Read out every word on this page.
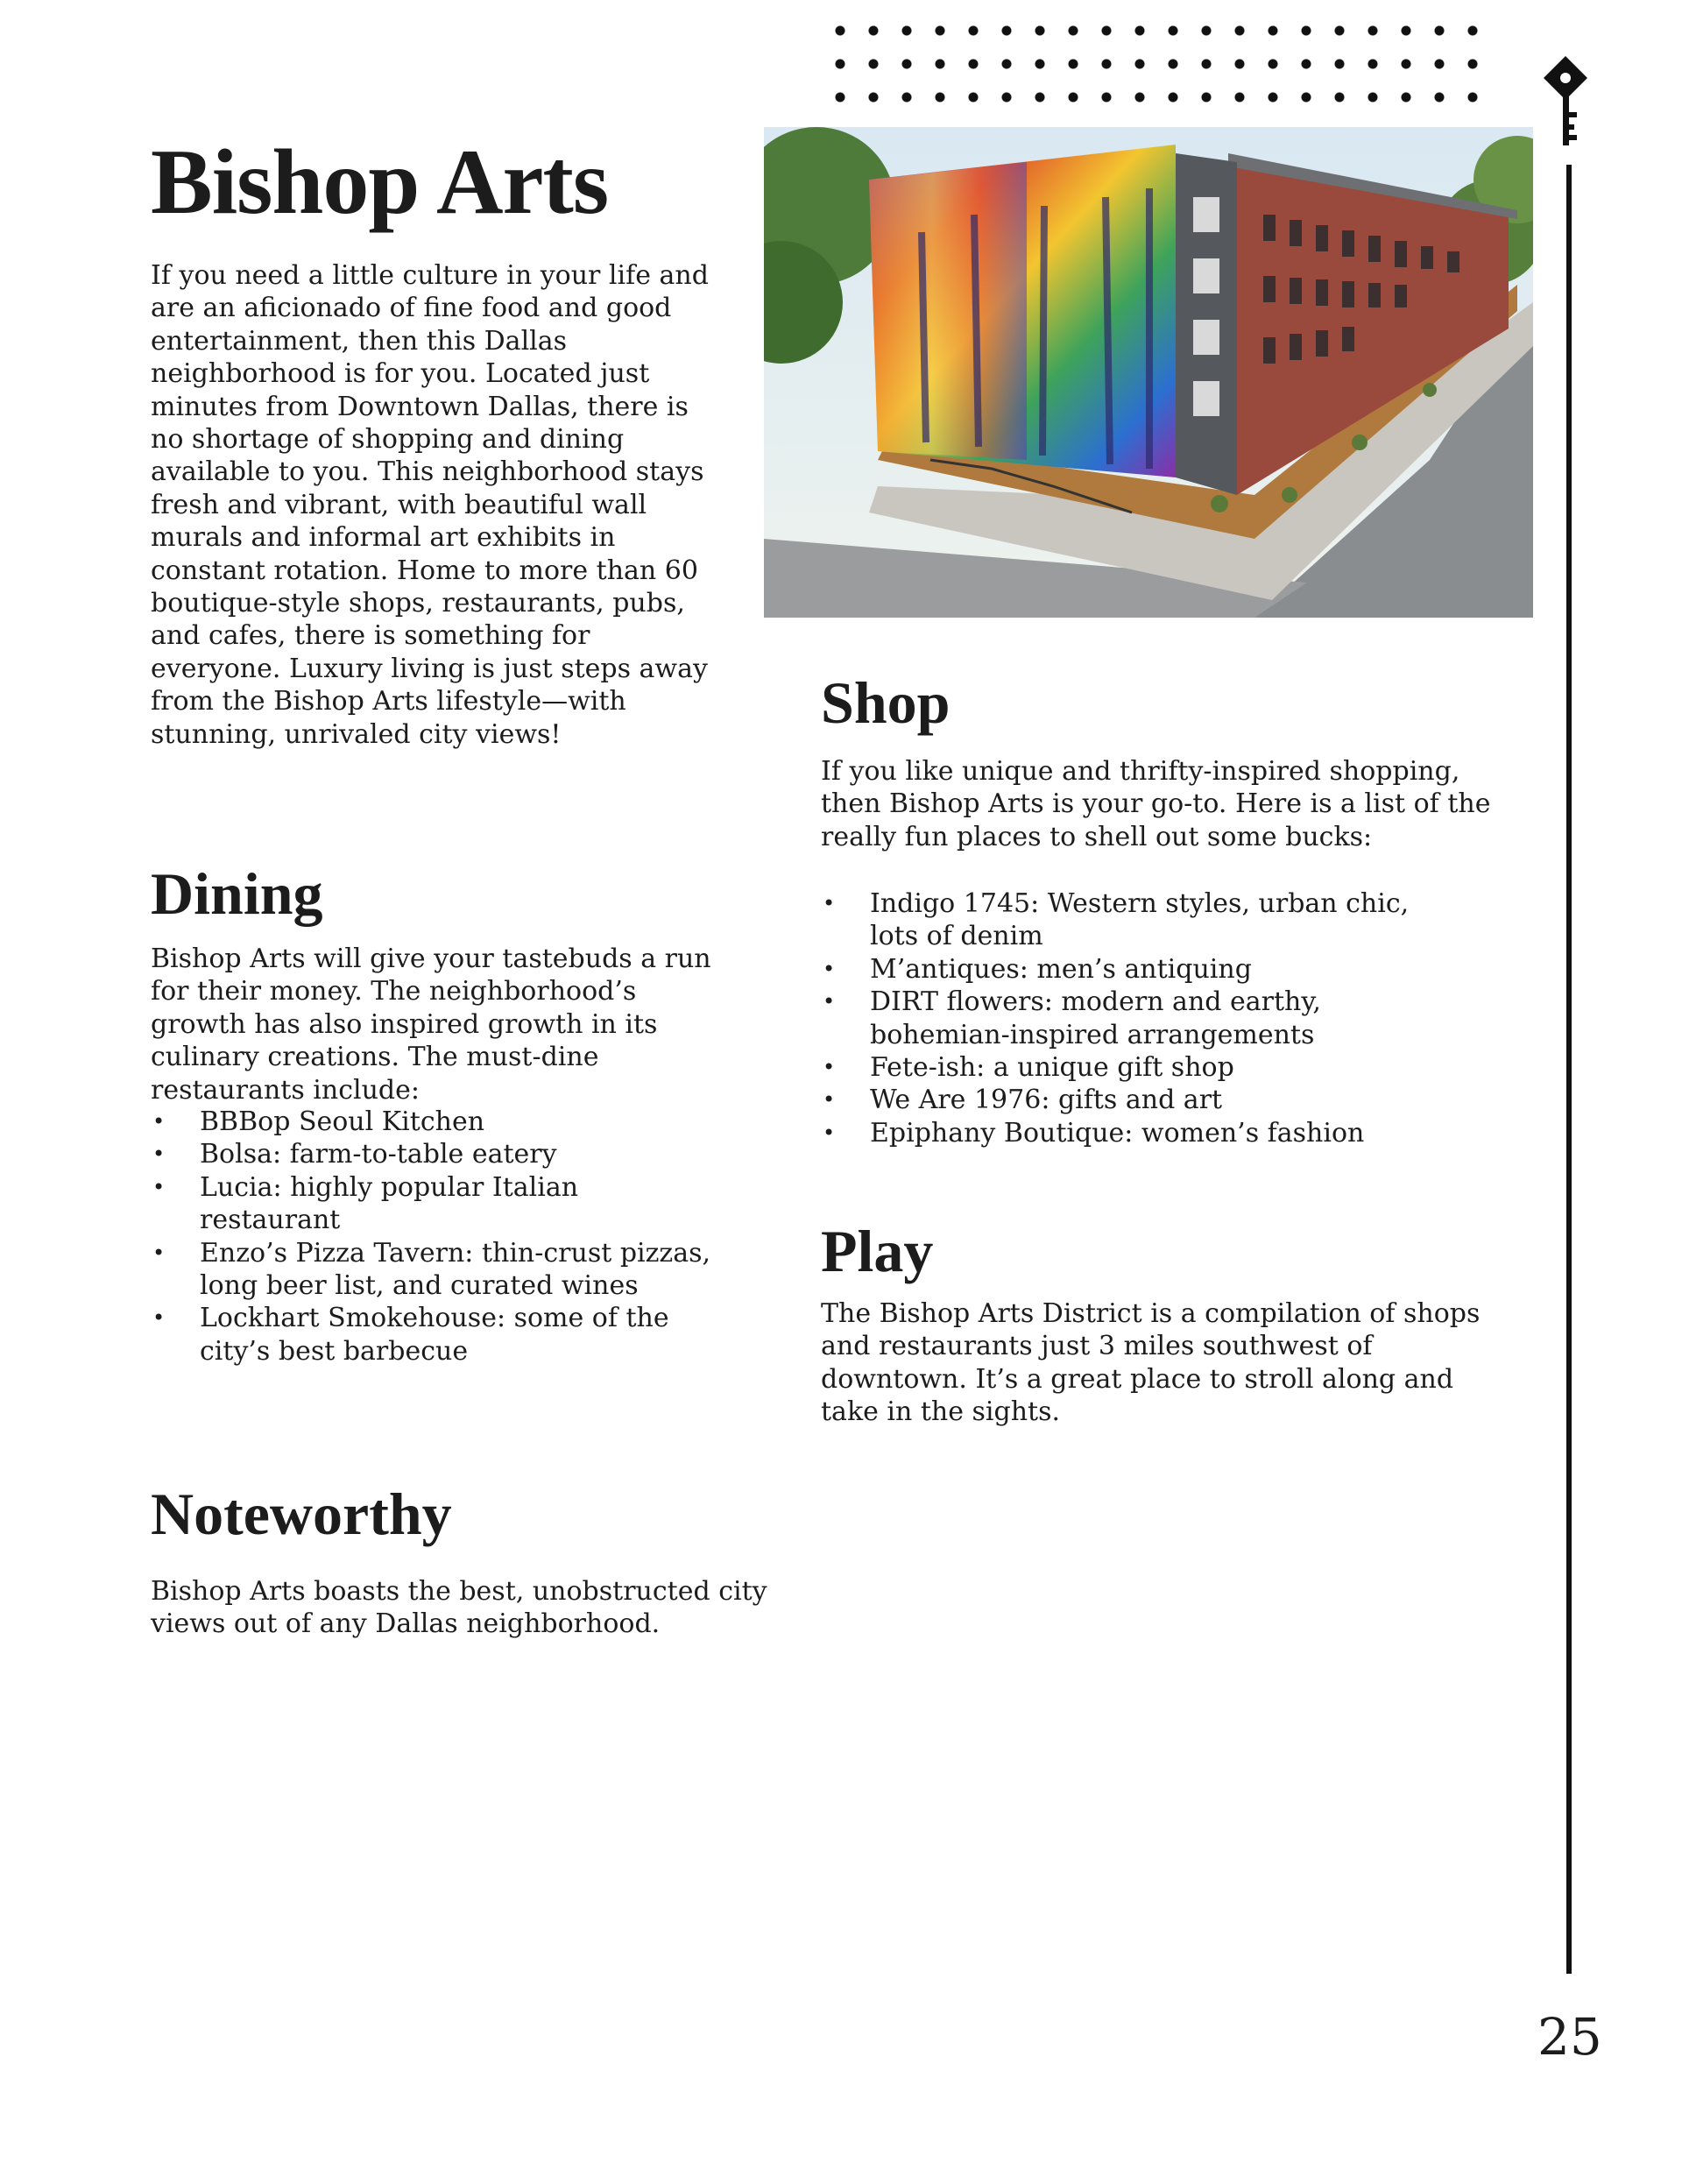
Bishop Arts

If you need a little culture in your life and are an aficionado of fine food and good entertainment, then this Dallas neighborhood is for you. Located just minutes from Downtown Dallas, there is no shortage of shopping and dining available to you. This neighborhood stays fresh and vibrant, with beautiful wall murals and informal art exhibits in constant rotation. Home to more than 60 boutique-style shops, restaurants, pubs, and cafes, there is something for everyone. Luxury living is just steps away from the Bishop Arts lifestyle—with stunning, unrivaled city views!

Dining

Bishop Arts will give your tastebuds a run for their money. The neighborhood’s growth has also inspired growth in its culinary creations. The must-dine restaurants include:

• BBBop Seoul Kitchen
• Bolsa: farm-to-table eatery
• Lucia: highly popular Italian restaurant
• Enzo’s Pizza Tavern: thin-crust pizzas, long beer list, and curated wines
• Lockhart Smokehouse: some of the city’s best barbecue
Noteworthy

Bishop Arts boasts the best, unobstructed city views out of any Dallas neighborhood.

Shop

If you like unique and thrifty-inspired shopping, then Bishop Arts is your go-to. Here is a list of the really fun places to shell out some bucks:

• Indigo 1745: Western styles, urban chic, lots of denim
• M’antiques: men’s antiquing
• DIRT flowers: modern and earthy, bohemian-inspired arrangements
• Fete-ish: a unique gift shop
• We Are 1976: gifts and art
• Epiphany Boutique: women’s fashion
Play

The Bishop Arts District is a compilation of shops and restaurants just 3 miles southwest of downtown. It’s a great place to stroll along and take in the sights.

25
